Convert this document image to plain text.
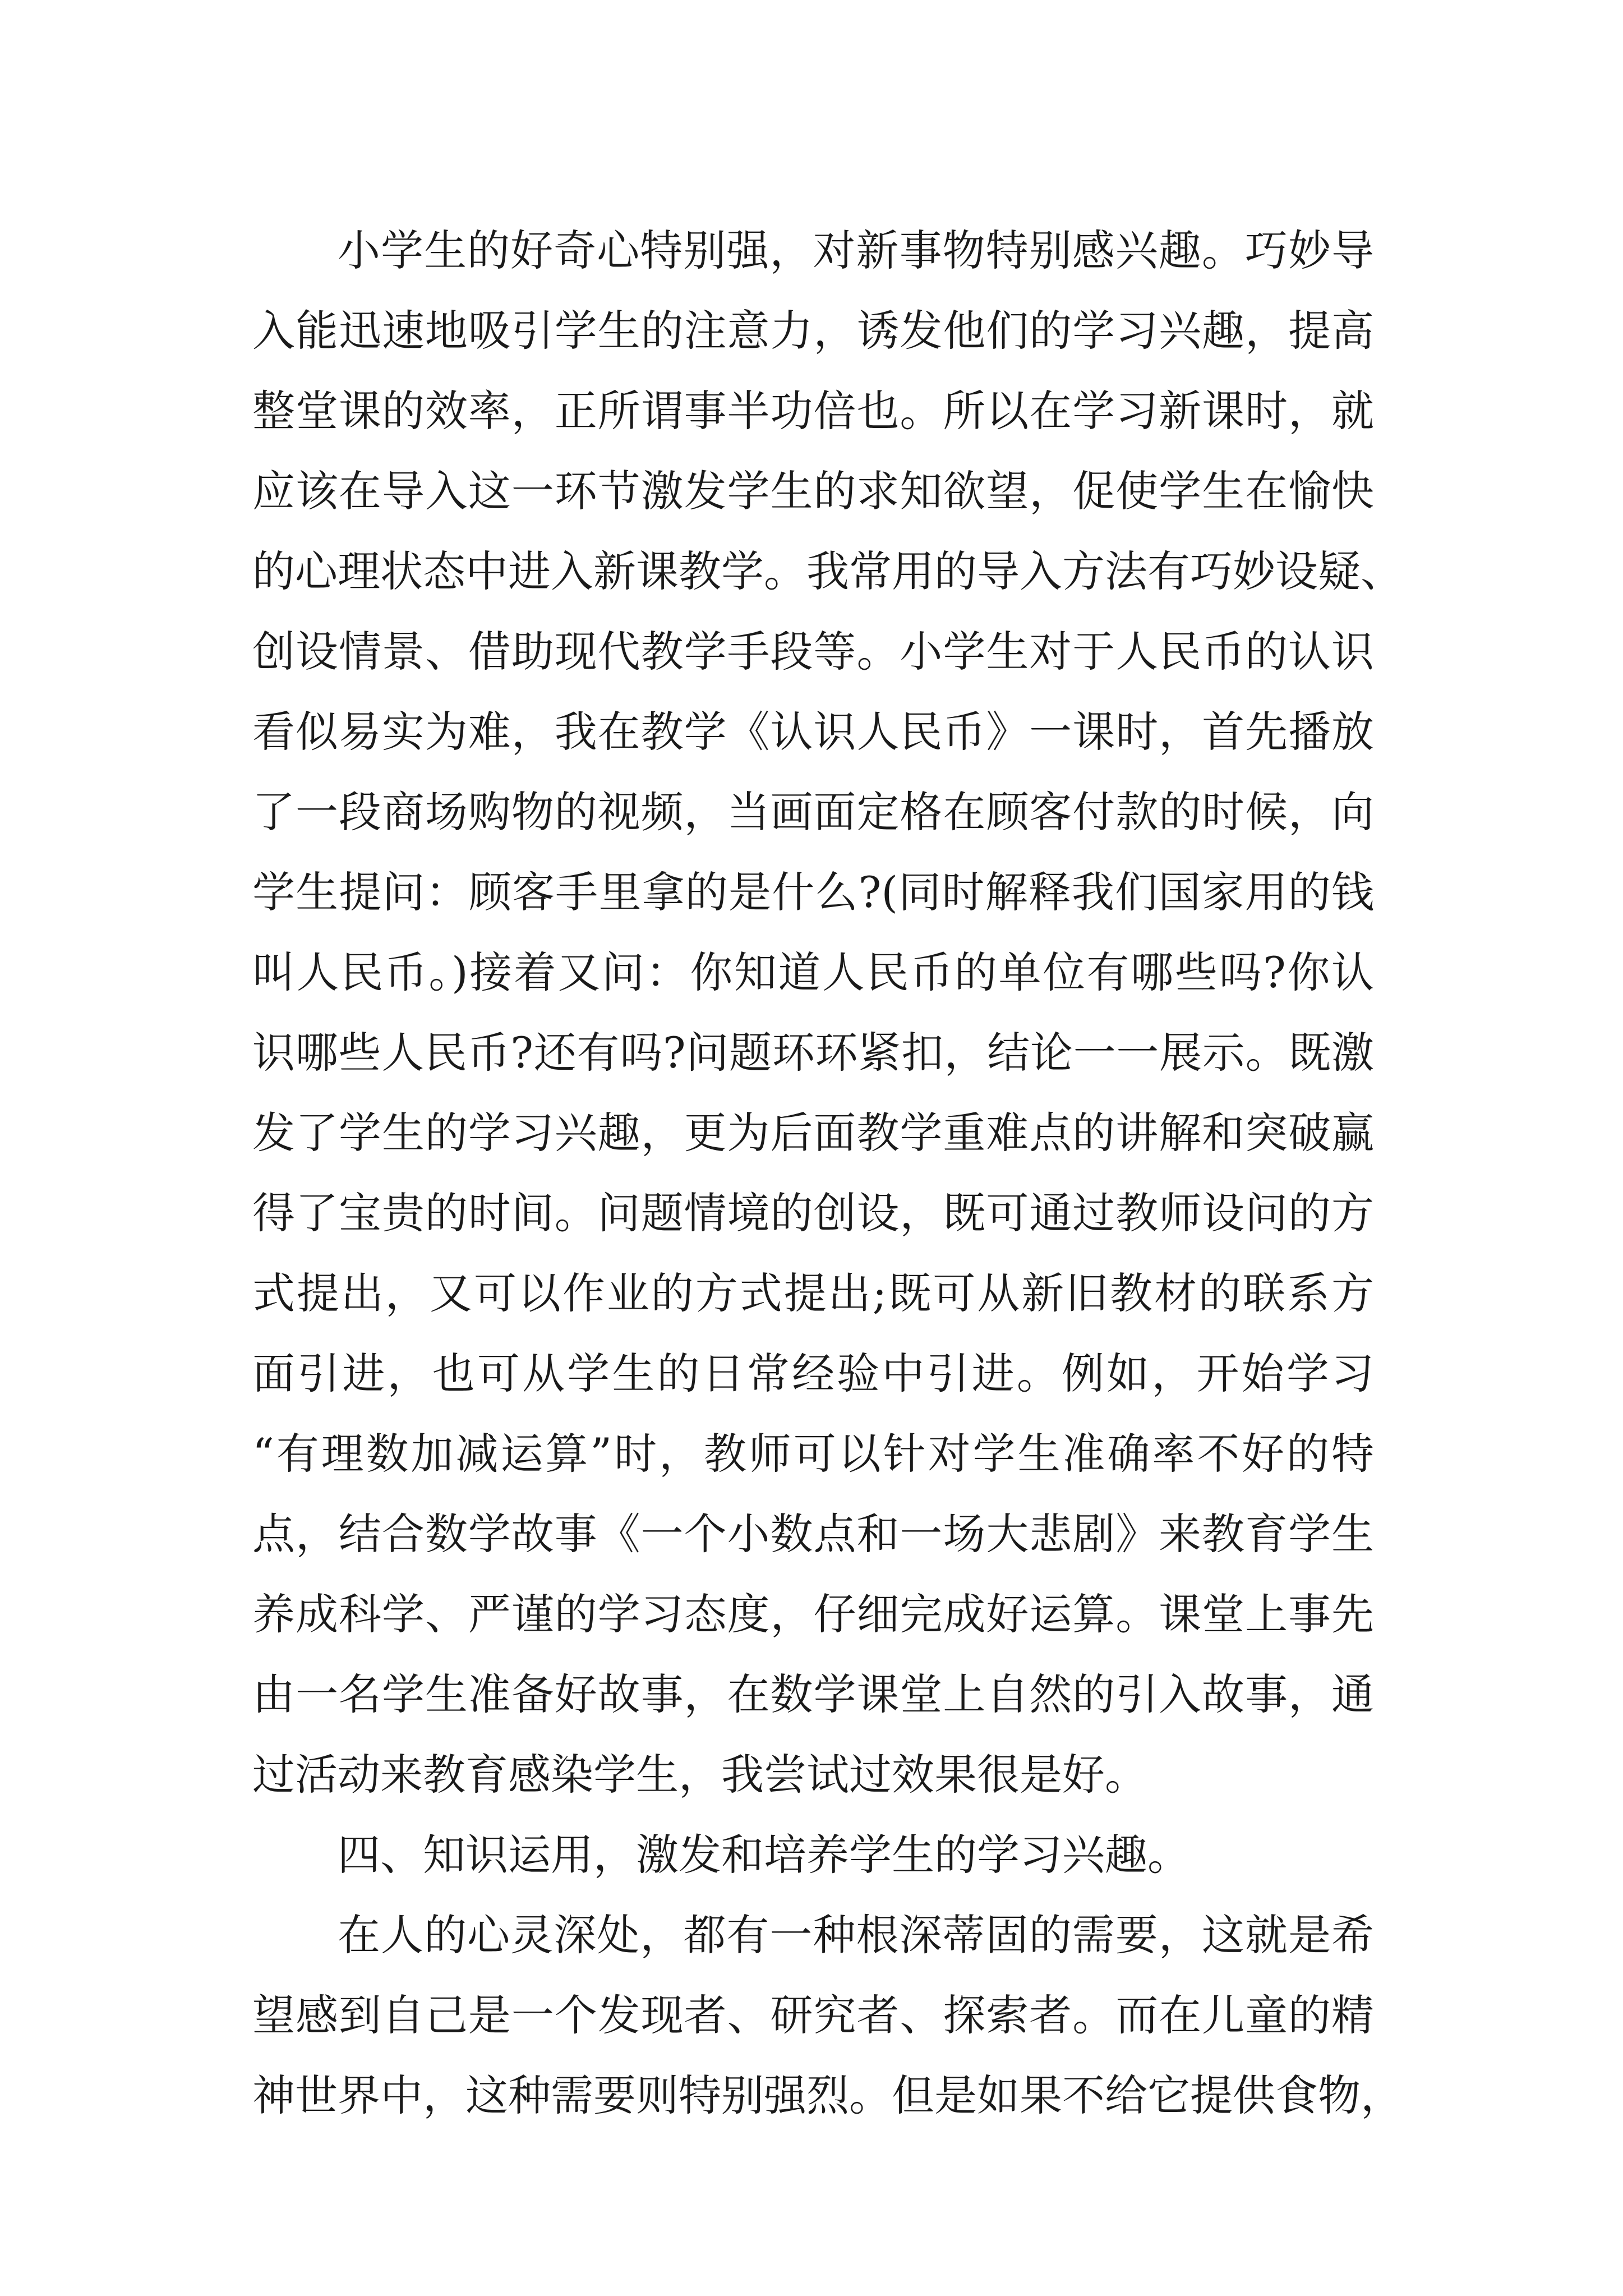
小学生的好奇心特别强，对新事物特别感兴趣。巧妙导
入能迅速地吸引学生的注意力，诱发他们的学习兴趣，提高
整堂课的效率，正所谓事半功倍也。所以在学习新课时，就
应该在导入这一环节激发学生的求知欲望，促使学生在愉快
的心理状态中进入新课教学。我常用的导入方法有巧妙设疑、
创设情景、借助现代教学手段等。小学生对于人民币的认识
看似易实为难，我在教学《认识人民币》一课时，首先播放
了一段商场购物的视频，当画面定格在顾客付款的时候，向
学生提问：顾客手里拿的是什么?(同时解释我们国家用的钱
叫人民币。)接着又问：你知道人民币的单位有哪些吗?你认
识哪些人民币?还有吗?问题环环紧扣，结论一一展示。既激
发了学生的学习兴趣，更为后面教学重难点的讲解和突破赢
得了宝贵的时间。问题情境的创设，既可通过教师设问的方
式提出，又可以作业的方式提出;既可从新旧教材的联系方
面引进，也可从学生的日常经验中引进。例如，开始学习
“有理数加减运算”时，教师可以针对学生准确率不好的特
点，结合数学故事《一个小数点和一场大悲剧》来教育学生
养成科学、严谨的学习态度，仔细完成好运算。课堂上事先
由一名学生准备好故事，在数学课堂上自然的引入故事，通
过活动来教育感染学生，我尝试过效果很是好。
四、知识运用，激发和培养学生的学习兴趣。
在人的心灵深处，都有一种根深蒂固的需要，这就是希
望感到自己是一个发现者、研究者、探索者。而在儿童的精
神世界中，这种需要则特别强烈。但是如果不给它提供食物，
